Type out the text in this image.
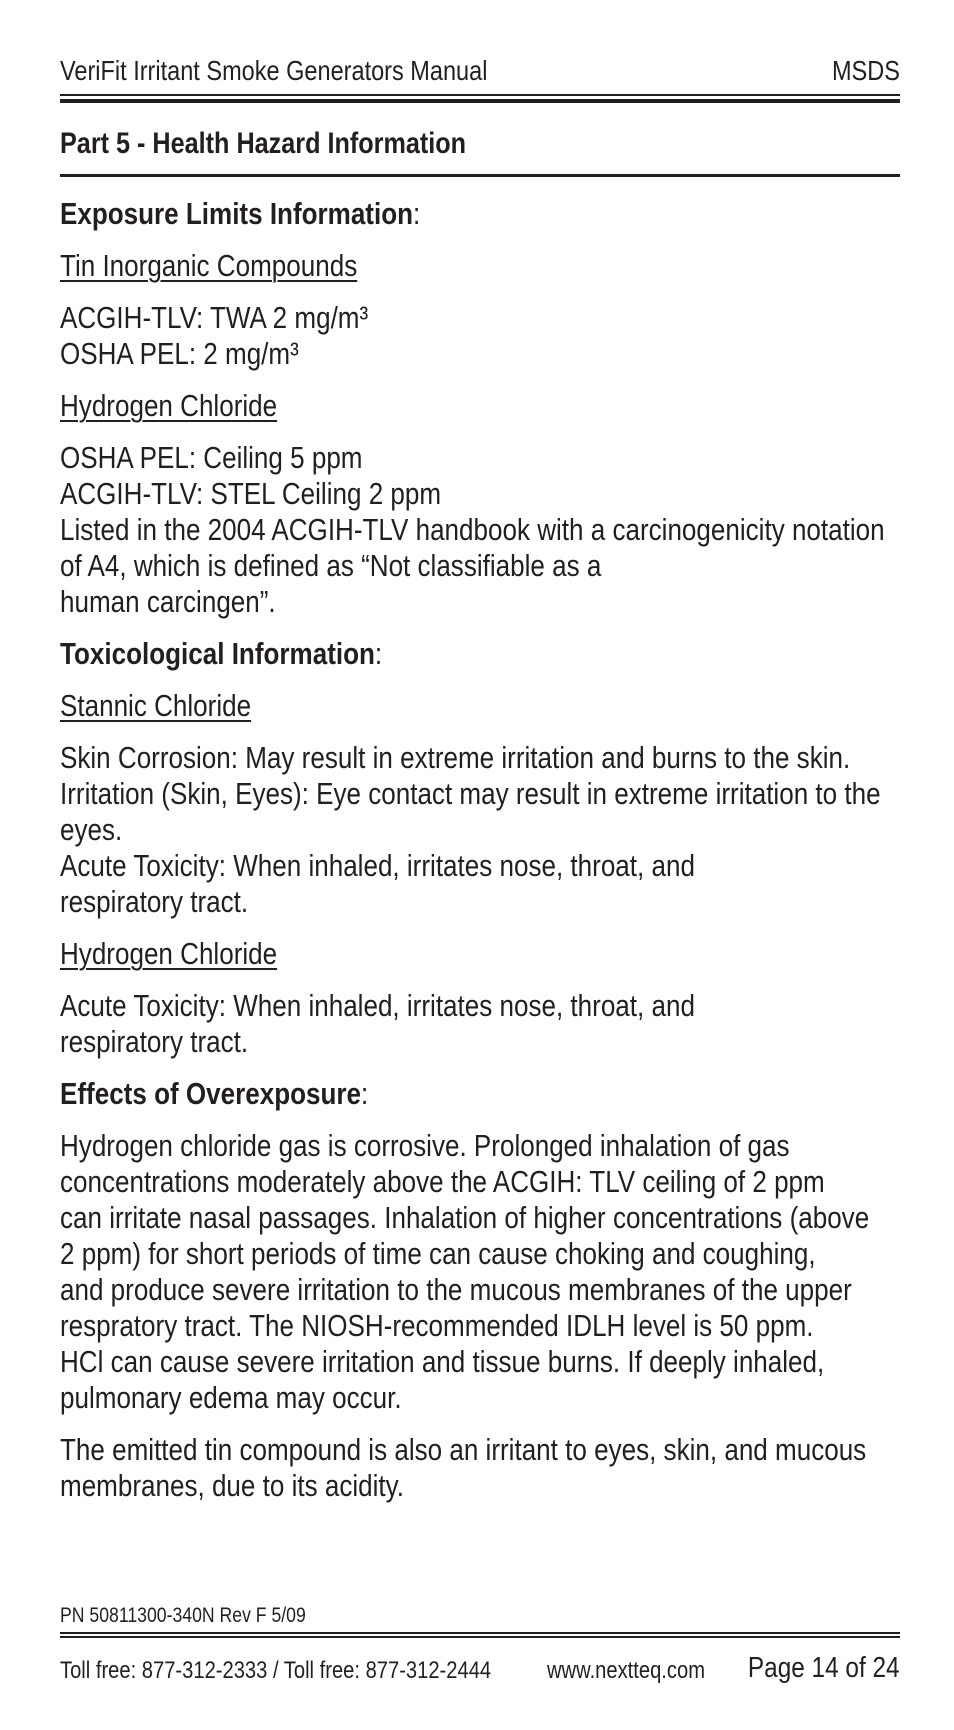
VeriFit Irritant Smoke Generators Manual	MSDS
Part 5 - Health Hazard Information

Exposure Limits Information:

Tin Inorganic Compounds

ACGIH-TLV: TWA 2 mg/m³
OSHA PEL: 2 mg/m³

Hydrogen Chloride

OSHA PEL: Ceiling 5 ppm
ACGIH-TLV: STEL Ceiling 2 ppm
Listed in the 2004 ACGIH-TLV handbook with a carcinogenicity notation
of A4, which is defined as “Not classifiable as a
human carcingen”.

Toxicological Information:

Stannic Chloride

Skin Corrosion: May result in extreme irritation and burns to the skin.
Irritation (Skin, Eyes): Eye contact may result in extreme irritation to the
eyes.
Acute Toxicity: When inhaled, irritates nose, throat, and
respiratory tract.

Hydrogen Chloride

Acute Toxicity: When inhaled, irritates nose, throat, and
respiratory tract.

Effects of Overexposure:

Hydrogen chloride gas is corrosive. Prolonged inhalation of gas
concentrations moderately above the ACGIH: TLV ceiling of 2 ppm
can irritate nasal passages. Inhalation of higher concentrations (above
2 ppm) for short periods of time can cause choking and coughing,
and produce severe irritation to the mucous membranes of the upper
respratory tract. The NIOSH-recommended IDLH level is 50 ppm.
HCl can cause severe irritation and tissue burns. If deeply inhaled,
pulmonary edema may occur.

The emitted tin compound is also an irritant to eyes, skin, and mucous
membranes, due to its acidity.

PN 50811300-340N Rev F 5/09
Toll free: 877-312-2333 / Toll free: 877-312-2444 www.nextteq.com Page 14 of 24
